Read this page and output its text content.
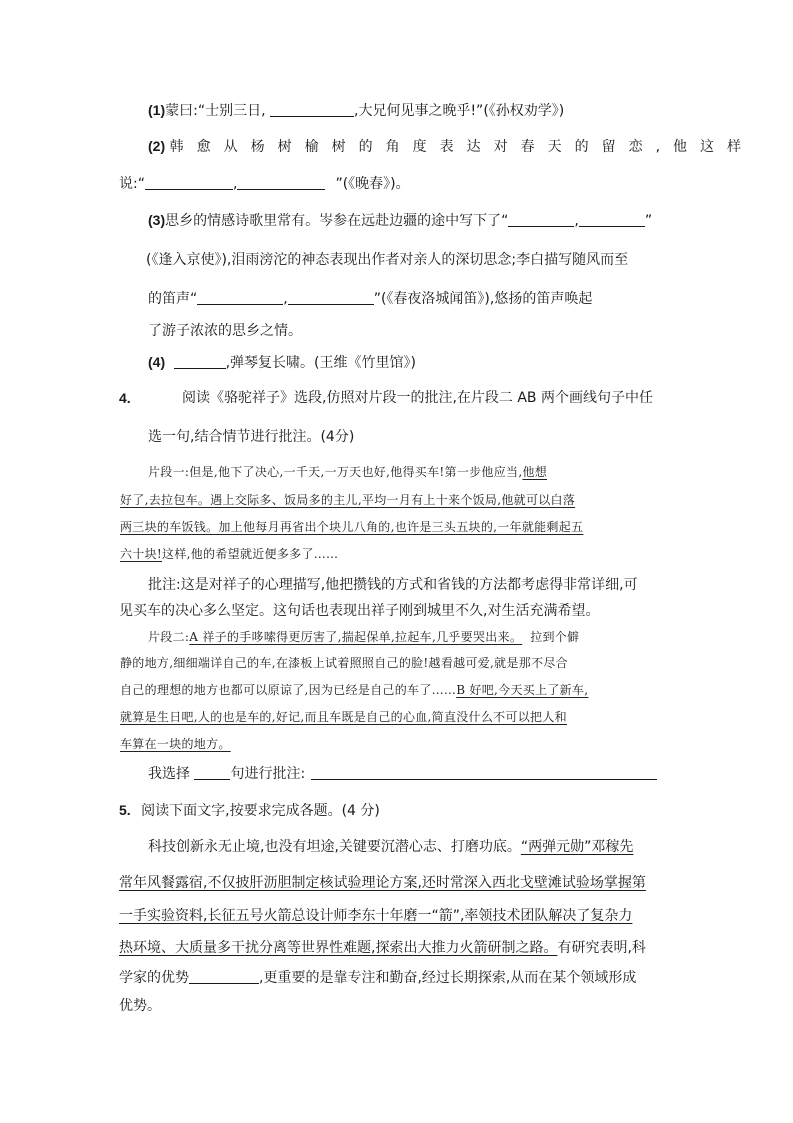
(1)蒙曰:“士别三日,	,大兄何见事之晚乎!”(《孙权劝学》)
(2) 韩愈从杨树榆树的角度表达对春天的留恋,他这样
说:“	,	”(《晚春》)。
(3)思乡的情感诗歌里常有。岑参在远赴边疆的途中写下了“	,	”
(《逢入京使》),泪雨滂沱的神态表现出作者对亲人的深切思念;李白描写随风而至
的笛声“	,	”(《春夜洛城闻笛》),悠扬的笛声唤起
了游子浓浓的思乡之情。
(4)	,弹琴复长啸。(王维《竹里馆》)
4.	阅读《骆驼祥子》选段,仿照对片段一的批注,在片段二 AB 两个画线句子中任
选一句,结合情节进行批注。(4分)
片段一:但是,他下了决心,一千天,一万天也好,他得买车!第一步他应当,他想
好了,去拉包车。遇上交际多、饭局多的主儿,平均一月有上十来个饭局,他就可以白落
两三块的车饭钱。加上他每月再省出个块儿八角的,也许是三头五块的,一年就能剩起五
六十块!这样,他的希望就近便多多了……
批注:这是对祥子的心理描写,他把攒钱的方式和省钱的方法都考虑得非常详细,可
见买车的决心多么坚定。这句话也表现出祥子刚到城里不久,对生活充满希望。
片段二:A 祥子的手哆嗦得更厉害了,揣起保单,拉起车,几乎要哭出来。 拉到个僻
静的地方,细细端详自己的车,在漆板上试着照照自己的脸!越看越可爱,就是那不尽合
自己的理想的地方也都可以原谅了,因为已经是自己的车了……B 好吧,今天买上了新车,
就算是生日吧,人的也是车的,好记,而且车既是自己的心血,简直没什么不可以把人和
车算在一块的地方。
我选择	句进行批注:
5. 阅读下面文字,按要求完成各题。(4 分)
科技创新永无止境,也没有坦途,关键要沉潜心志、打磨功底。“两弹元勋”邓稼先
常年风餐露宿,不仅披肝沥胆制定核试验理论方案,还时常深入西北戈壁滩试验场掌握第
一手实验资料,长征五号火箭总设计师李东十年磨一“箭”,率领技术团队解决了复杂力
热环境、大质量多干扰分离等世界性难题,探索出大推力火箭研制之路。有研究表明,科
学家的优势	,更重要的是靠专注和勤奋,经过长期探索,从而在某个领域形成
优势。
